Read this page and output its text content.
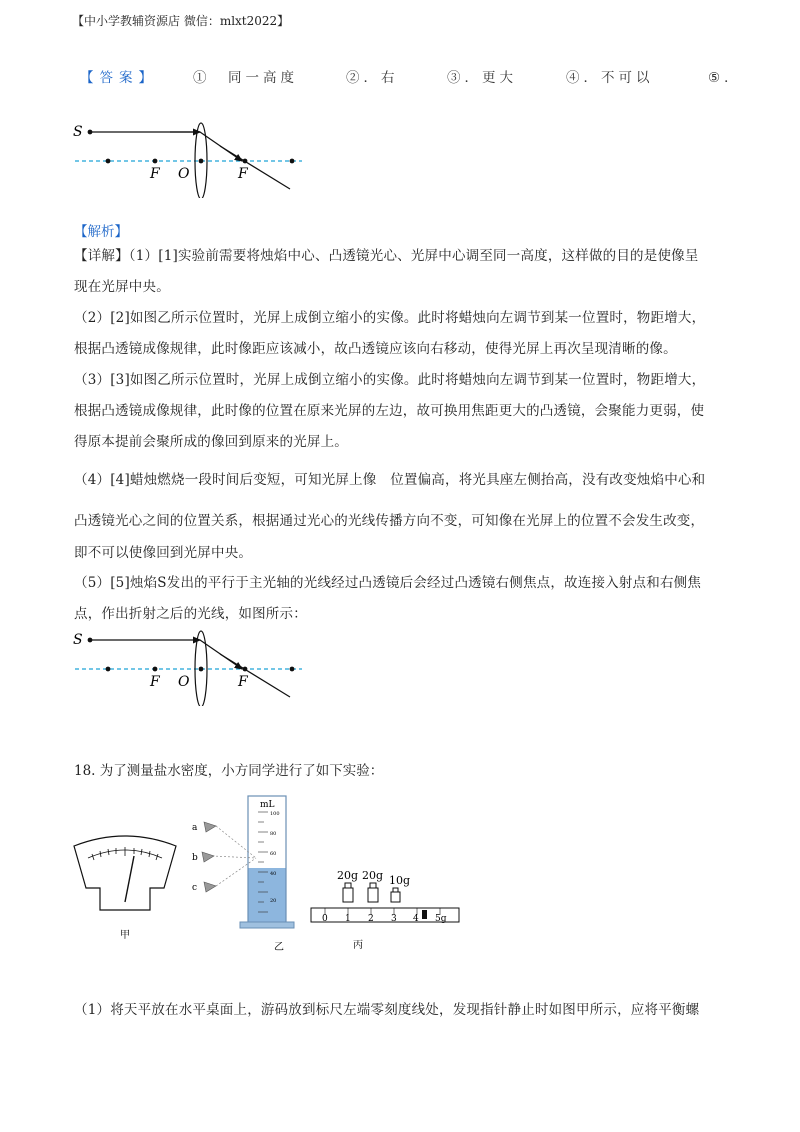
【中小学教辅资源店 微信：mlxt2022】
【答案】	①　同一高度	②．右	③．更大	④．不可以	⑤．
S
F O	F
【解析】
【详解】（1）[1]实验前需要将烛焰中心、凸透镜光心、光屏中心调至同一高度，这样做的目的是使像呈
现在光屏中央。
（2）[2]如图乙所示位置时，光屏上成倒立缩小的实像。此时将蜡烛向左调节到某一位置时，物距增大，
根据凸透镜成像规律，此时像距应该减小，故凸透镜应该向右移动，使得光屏上再次呈现清晰的像。
（3）[3]如图乙所示位置时，光屏上成倒立缩小的实像。此时将蜡烛向左调节到某一位置时，物距增大，
根据凸透镜成像规律，此时像的位置在原来光屏的左边，故可换用焦距更大的凸透镜，会聚能力更弱，使
得原本提前会聚所成的像回到原来的光屏上。
（4）[4]蜡烛燃烧一段时间后变短，可知光屏上像　位置偏高，将光具座左侧抬高，没有改变烛焰中心和
凸透镜光心之间的位置关系，根据通过光心的光线传播方向不变，可知像在光屏上的位置不会发生改变，
即不可以使像回到光屏中央。
（5）[5]烛焰S发出的平行于主光轴的光线经过凸透镜后会经过凸透镜右侧焦点，故连接入射点和右侧焦
点，作出折射之后的光线，如图所示：
S
F O	F
18. 为了测量盐水密度，小方同学进行了如下实验：
甲
mL
100
80
60
40
20
a
b
c
乙
20g 20g 10g
0 1 2 3 4 5g
丙
（1）将天平放在水平桌面上，游码放到标尺左端零刻度线处，发现指针静止时如图甲所示，应将平衡螺
